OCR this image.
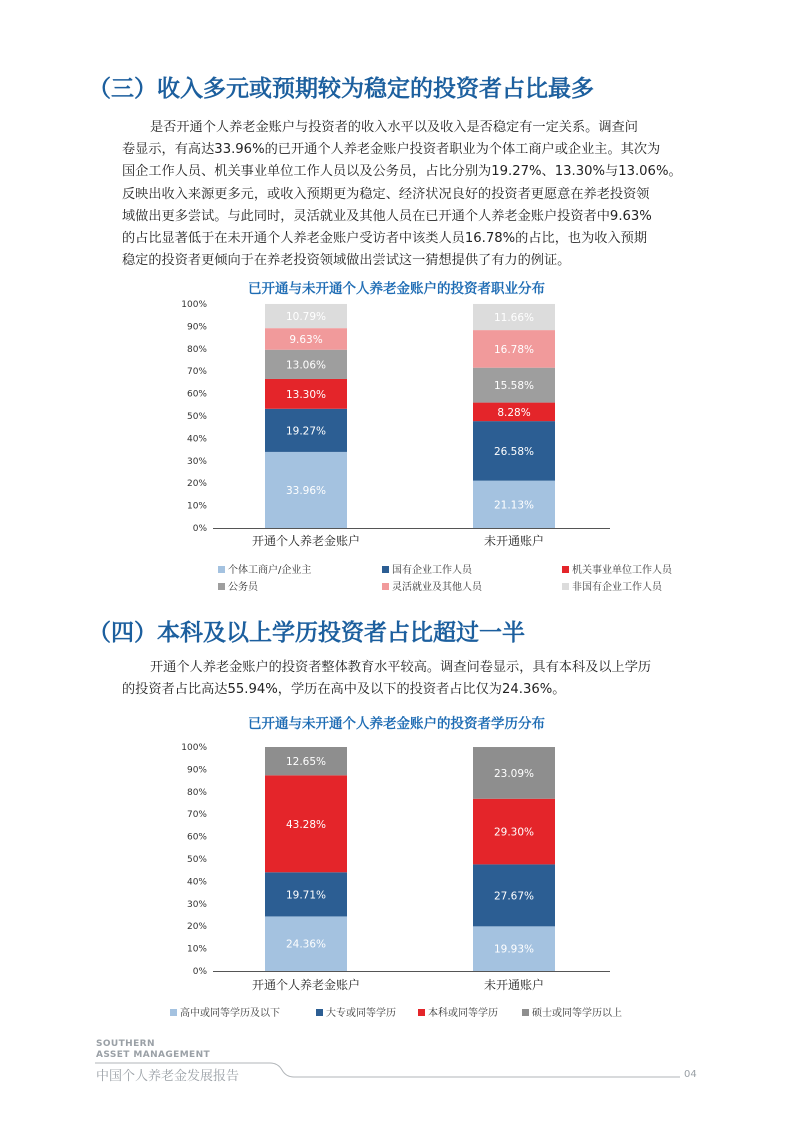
（三）收入多元或预期较为稳定的投资者占比最多

是否开通个人养老金账户与投资者的收入水平以及收入是否稳定有一定关系。调查问
卷显示，有高达33.96%的已开通个人养老金账户投资者职业为个体工商户或企业主。其次为
国企工作人员、机关事业单位工作人员以及公务员，占比分别为19.27%、13.30%与13.06%。
反映出收入来源更多元，或收入预期更为稳定、经济状况良好的投资者更愿意在养老投资领
域做出更多尝试。与此同时，灵活就业及其他人员在已开通个人养老金账户投资者中9.63%
的占比显著低于在未开通个人养老金账户受访者中该类人员16.78%的占比，也为收入预期
稳定的投资者更倾向于在养老投资领域做出尝试这一猜想提供了有力的例证。

已开通与未开通个人养老金账户的投资者职业分布
0%
10%
20%
30%
40%
50%
60%
70%
80%
90%
100%
33.96%
19.27%
13.30%
13.06%
9.63%
10.79%
开通个人养老金账户
21.13%
26.58%
8.28%
15.58%
16.78%
11.66%
未开通账户
个体工商户/企业主	国有企业工作人员	机关事业单位工作人员
公务员	灵活就业及其他人员	非国有企业工作人员
（四）本科及以上学历投资者占比超过一半

开通个人养老金账户的投资者整体教育水平较高。调查问卷显示，具有本科及以上学历
的投资者占比高达55.94%，学历在高中及以下的投资者占比仅为24.36%。

已开通与未开通个人养老金账户的投资者学历分布
0%
10%
20%
30%
40%
50%
60%
70%
80%
90%
100%
24.36%
19.71%
43.28%
12.65%
开通个人养老金账户
19.93%
27.67%
29.30%
23.09%
未开通账户
高中或同等学历及以下	大专或同等学历	本科或同等学历	硕士或同等学历以上
SOUTHERN
ASSET MANAGEMENT
中国个人养老金发展报告	04
